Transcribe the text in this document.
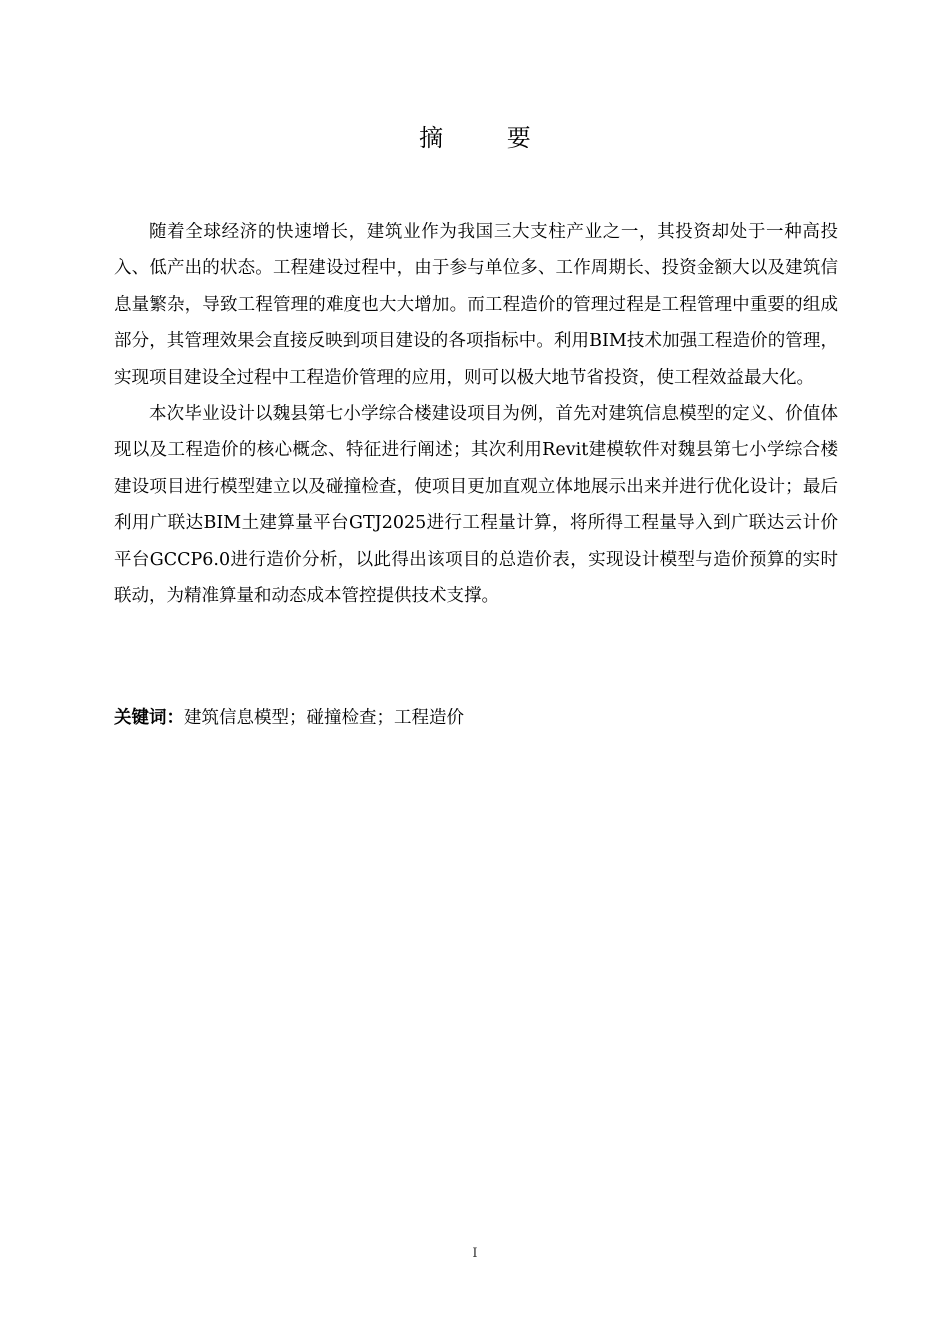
摘 要

随着全球经济的快速增长，建筑业作为我国三大支柱产业之一，其投资却处于一种高投入、低产出的状态。工程建设过程中，由于参与单位多、工作周期长、投资金额大以及建筑信息量繁杂，导致工程管理的难度也大大增加。而工程造价的管理过程是工程管理中重要的组成部分，其管理效果会直接反映到项目建设的各项指标中。利用BIM技术加强工程造价的管理，实现项目建设全过程中工程造价管理的应用，则可以极大地节省投资，使工程效益最大化。

本次毕业设计以魏县第七小学综合楼建设项目为例，首先对建筑信息模型的定义、价值体现以及工程造价的核心概念、特征进行阐述；其次利用Revit建模软件对魏县第七小学综合楼建设项目进行模型建立以及碰撞检查，使项目更加直观立体地展示出来并进行优化设计；最后利用广联达BIM土建算量平台GTJ2025进行工程量计算，将所得工程量导入到广联达云计价平台GCCP6.0进行造价分析，以此得出该项目的总造价表，实现设计模型与造价预算的实时联动，为精准算量和动态成本管控提供技术支撑。

关键词：建筑信息模型；碰撞检查；工程造价
I
